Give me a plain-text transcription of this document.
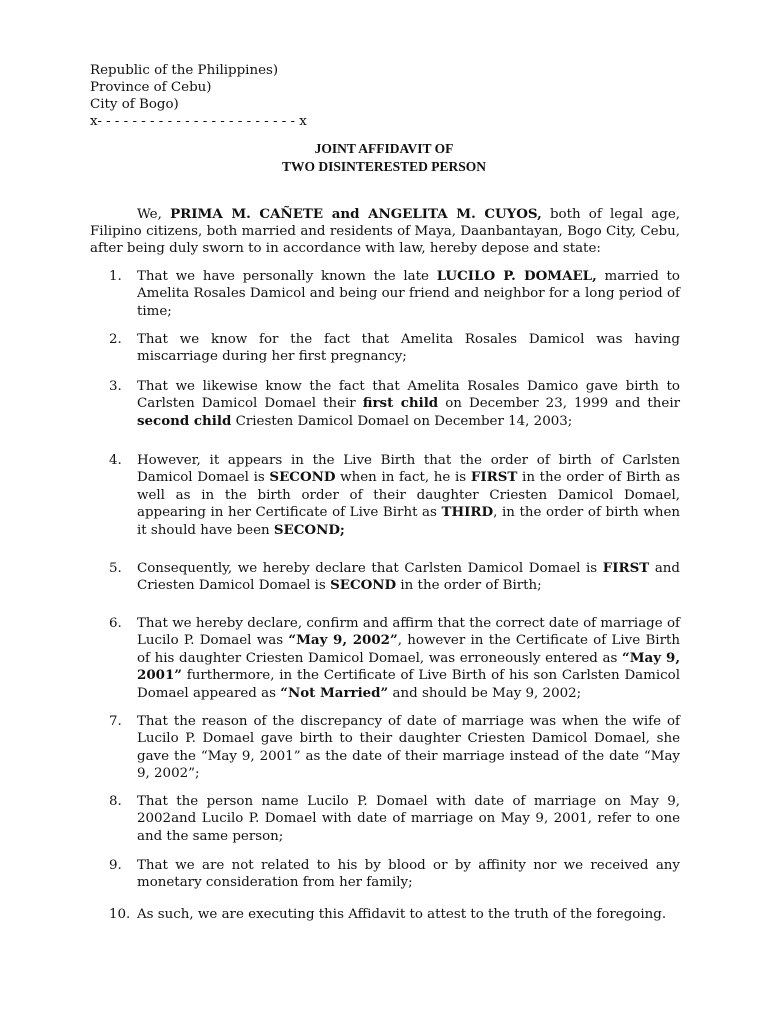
Republic of the Philippines)
Province of Cebu)
City of Bogo)
x- - - - - - - - - - - - - - - - - - - - - - - x
JOINT AFFIDAVIT OF
TWO DISINTERESTED PERSON

We, PRIMA M. CAÑETE and ANGELITA M. CUYOS, both of legal age, Filipino citizens, both married and residents of Maya, Daanbantayan, Bogo City, Cebu, after being duly sworn to in accordance with law, hereby depose and state:

1. That we have personally known the late LUCILO P. DOMAEL, married to Amelita Rosales Damicol and being our friend and neighbor for a long period of time;
2. That we know for the fact that Amelita Rosales Damicol was having miscarriage during her first pregnancy;
3. That we likewise know the fact that Amelita Rosales Damico gave birth to Carlsten Damicol Domael their first child on December 23, 1999 and their second child Criesten Damicol Domael on December 14, 2003;
4. However, it appears in the Live Birth that the order of birth of Carlsten Damicol Domael is SECOND when in fact, he is FIRST in the order of Birth as well as in the birth order of their daughter Criesten Damicol Domael, appearing in her Certificate of Live Birht as THIRD, in the order of birth when it should have been SECOND;
5. Consequently, we hereby declare that Carlsten Damicol Domael is FIRST and Criesten Damicol Domael is SECOND in the order of Birth;
6. That we hereby declare, confirm and affirm that the correct date of marriage of Lucilo P. Domael was “May 9, 2002”, however in the Certificate of Live Birth of his daughter Criesten Damicol Domael, was erroneously entered as “May 9, 2001” furthermore, in the Certificate of Live Birth of his son Carlsten Damicol Domael appeared as “Not Married” and should be May 9, 2002;
7. That the reason of the discrepancy of date of marriage was when the wife of Lucilo P. Domael gave birth to their daughter Criesten Damicol Domael, she gave the “May 9, 2001” as the date of their marriage instead of the date “May 9, 2002”;
8. That the person name Lucilo P. Domael with date of marriage on May 9, 2002and Lucilo P. Domael with date of marriage on May 9, 2001, refer to one and the same person;
9. That we are not related to his by blood or by affinity nor we received any monetary consideration from her family;
10. As such, we are executing this Affidavit to attest to the truth of the foregoing.
